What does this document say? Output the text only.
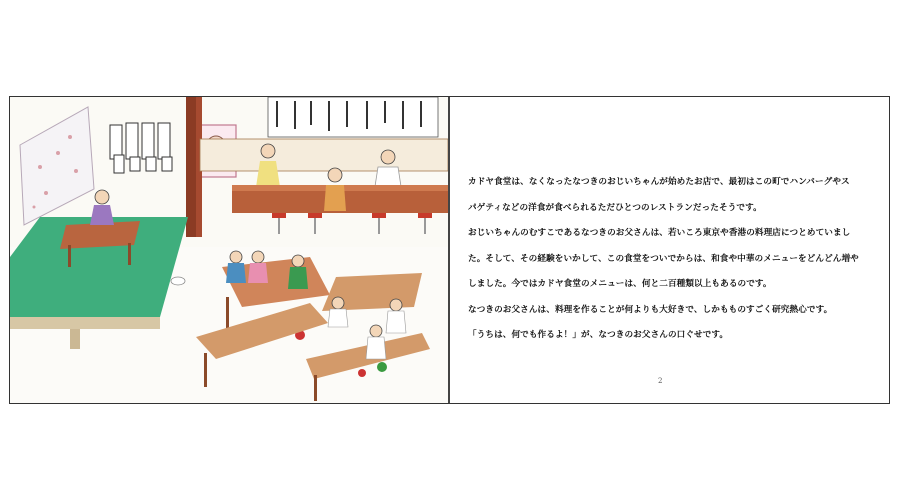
カドヤ食堂は、なくなったなつきのおじいちゃんが始めたお店で、最初はこの町でハンバーグやス

パゲティなどの洋食が食べられるただひとつのレストランだったそうです。

おじいちゃんのむすこであるなつきのお父さんは、若いころ東京や香港の料理店につとめていまし

た。そして、その経験をいかして、この食堂をついでからは、和食や中華のメニューをどんどん増や

しました。今ではカドヤ食堂のメニューは、何と二百種類以上もあるのです。

なつきのお父さんは、料理を作ることが何よりも大好きで、しかもものすごく研究熱心です。

「うちは、何でも作るよ！」が、なつきのお父さんの口ぐせです。

2
